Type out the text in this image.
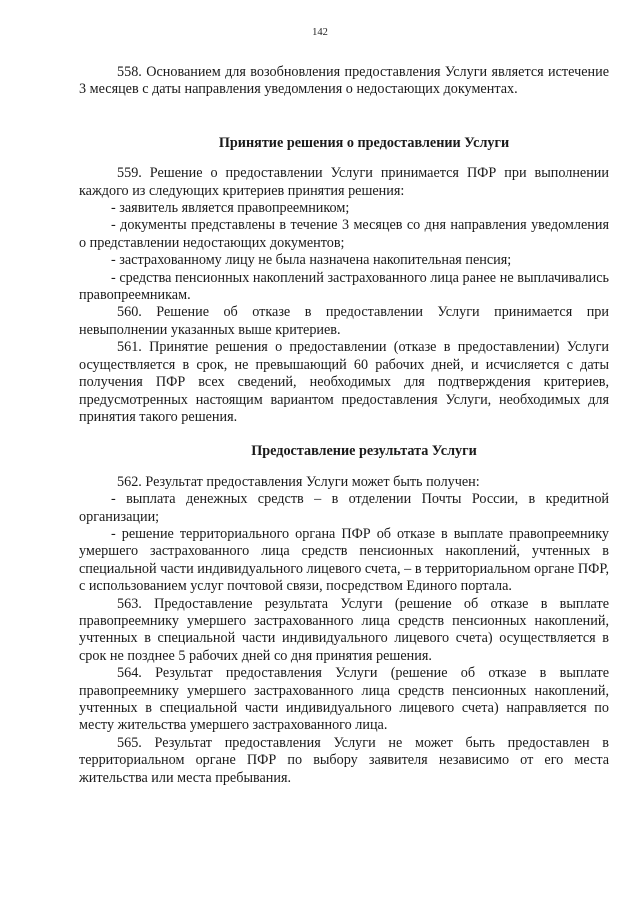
142

558. Основанием для возобновления предоставления Услуги является истечение 3 месяцев с даты направления уведомления о недостающих документах.

Принятие решения о предоставлении Услуги

559. Решение о предоставлении Услуги принимается ПФР при выполнении каждого из следующих критериев принятия решения:

- заявитель является правопреемником;

- документы представлены в течение 3 месяцев со дня направления уведомления о представлении недостающих документов;

- застрахованному лицу не была назначена накопительная пенсия;

- средства пенсионных накоплений застрахованного лица ранее не выплачивались правопреемникам.

560. Решение об отказе в предоставлении Услуги принимается при невыполнении указанных выше критериев.

561. Принятие решения о предоставлении (отказе в предоставлении) Услуги осуществляется в срок, не превышающий 60 рабочих дней, и исчисляется с даты получения ПФР всех сведений, необходимых для подтверждения критериев, предусмотренных настоящим вариантом предоставления Услуги, необходимых для принятия такого решения.

Предоставление результата Услуги

562. Результат предоставления Услуги может быть получен:

- выплата денежных средств – в отделении Почты России, в кредитной организации;

- решение территориального органа ПФР об отказе в выплате правопреемнику умершего застрахованного лица средств пенсионных накоплений, учтенных в специальной части индивидуального лицевого счета, – в территориальном органе ПФР, с использованием услуг почтовой связи, посредством Единого портала.

563. Предоставление результата Услуги (решение об отказе в выплате правопреемнику умершего застрахованного лица средств пенсионных накоплений, учтенных в специальной части индивидуального лицевого счета) осуществляется в срок не позднее 5 рабочих дней со дня принятия решения.

564. Результат предоставления Услуги (решение об отказе в выплате правопреемнику умершего застрахованного лица средств пенсионных накоплений, учтенных в специальной части индивидуального лицевого счета) направляется по месту жительства умершего застрахованного лица.

565. Результат предоставления Услуги не может быть предоставлен в территориальном органе ПФР по выбору заявителя независимо от его места жительства или места пребывания.
